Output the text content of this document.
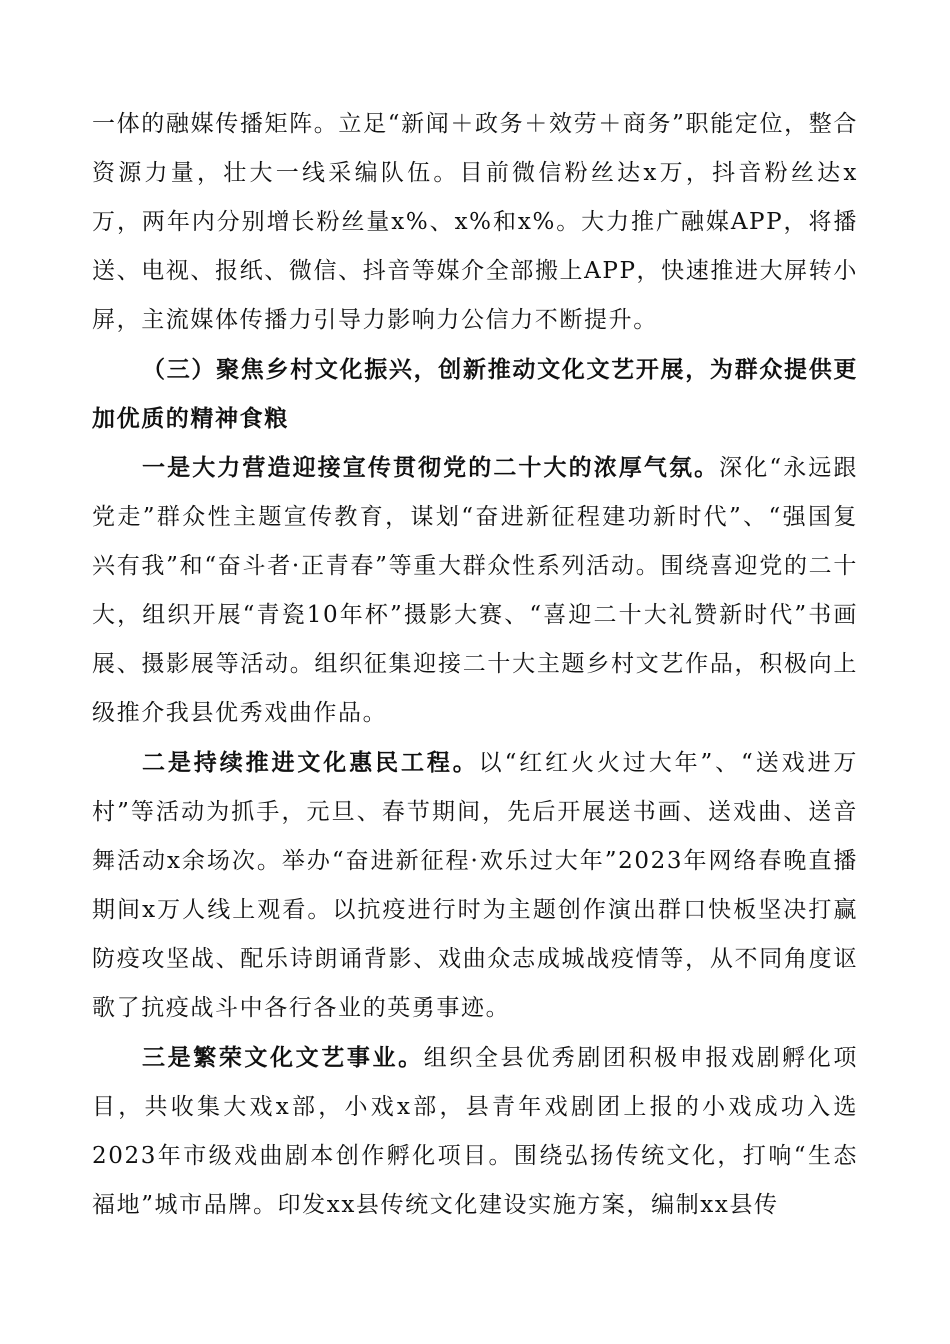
一体的融媒传播矩阵。立足“新闻＋政务＋效劳＋商务”职能定位，整合资源力量，壮大一线采编队伍。目前微信粉丝达x万，抖音粉丝达x万，两年内分别增长粉丝量x%、x%和x%。大力推广融媒APP，将播送、电视、报纸、微信、抖音等媒介全部搬上APP，快速推进大屏转小屏，主流媒体传播力引导力影响力公信力不断提升。

（三）聚焦乡村文化振兴，创新推动文化文艺开展，为群众提供更加优质的精神食粮

一是大力营造迎接宣传贯彻党的二十大的浓厚气氛。深化“永远跟党走”群众性主题宣传教育，谋划“奋进新征程建功新时代”、“强国复兴有我”和“奋斗者·正青春”等重大群众性系列活动。围绕喜迎党的二十大，组织开展“青瓷10年杯”摄影大赛、“喜迎二十大礼赞新时代”书画展、摄影展等活动。组织征集迎接二十大主题乡村文艺作品，积极向上级推介我县优秀戏曲作品。

二是持续推进文化惠民工程。以“红红火火过大年”、“送戏进万村”等活动为抓手，元旦、春节期间，先后开展送书画、送戏曲、送音舞活动x余场次。举办“奋进新征程·欢乐过大年”2023年网络春晚直播期间x万人线上观看。以抗疫进行时为主题创作演出群口快板坚决打赢防疫攻坚战、配乐诗朗诵背影、戏曲众志成城战疫情等，从不同角度讴歌了抗疫战斗中各行各业的英勇事迹。

三是繁荣文化文艺事业。组织全县优秀剧团积极申报戏剧孵化项目，共收集大戏x部，小戏x部，县青年戏剧团上报的小戏成功入选2023年市级戏曲剧本创作孵化项目。围绕弘扬传统文化，打响“生态福地”城市品牌。印发xx县传统文化建设实施方案，编制xx县传
